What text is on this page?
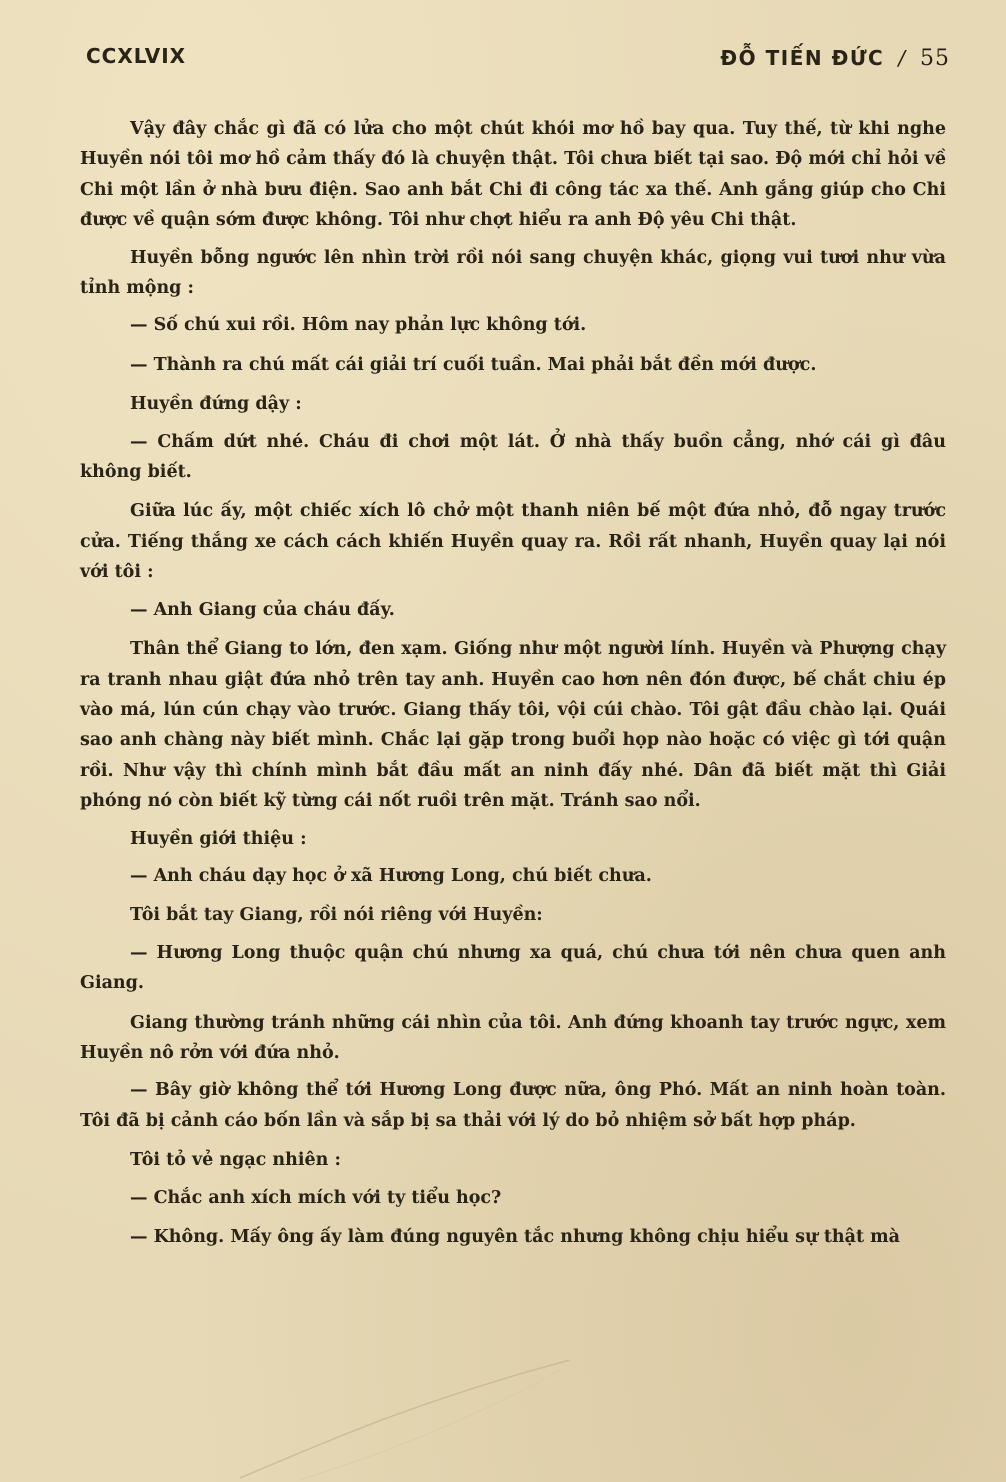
CCXLVIX	ĐỖ TIẾN ĐỨC / 55

Vậy đây chắc gì đã có lửa cho một chút khói mơ hồ bay qua. Tuy thế, từ khi nghe Huyền nói tôi mơ hồ cảm thấy đó là chuyện thật. Tôi chưa biết tại sao. Độ mới chỉ hỏi về Chi một lần ở nhà bưu điện. Sao anh bắt Chi đi công tác xa thế. Anh gắng giúp cho Chi được về quận sớm được không. Tôi như chợt hiểu ra anh Độ yêu Chi thật.

Huyền bỗng ngước lên nhìn trời rồi nói sang chuyện khác, giọng vui tươi như vừa tỉnh mộng :

— Số chú xui rồi. Hôm nay phản lực không tới.

— Thành ra chú mất cái giải trí cuối tuần. Mai phải bắt đền mới được.

Huyền đứng dậy :

— Chấm dứt nhé. Cháu đi chơi một lát. Ở nhà thấy buồn cẳng, nhớ cái gì đâu không biết.

Giữa lúc ấy, một chiếc xích lô chở một thanh niên bế một đứa nhỏ, đỗ ngay trước cửa. Tiếng thắng xe cách cách khiến Huyền quay ra. Rồi rất nhanh, Huyền quay lại nói với tôi :

— Anh Giang của cháu đấy.

Thân thể Giang to lớn, đen xạm. Giống như một người lính. Huyền và Phượng chạy ra tranh nhau giật đứa nhỏ trên tay anh. Huyền cao hơn nên đón được, bế chắt chiu ép vào má, lún cún chạy vào trước. Giang thấy tôi, vội cúi chào. Tôi gật đầu chào lại. Quái sao anh chàng này biết mình. Chắc lại gặp trong buổi họp nào hoặc có việc gì tới quận rồi. Như vậy thì chính mình bắt đầu mất an ninh đấy nhé. Dân đã biết mặt thì Giải phóng nó còn biết kỹ từng cái nốt ruồi trên mặt. Tránh sao nổi.

Huyền giới thiệu :

— Anh cháu dạy học ở xã Hương Long, chú biết chưa.

Tôi bắt tay Giang, rồi nói riêng với Huyền:

— Hương Long thuộc quận chú nhưng xa quá, chú chưa tới nên chưa quen anh Giang.

Giang thường tránh những cái nhìn của tôi. Anh đứng khoanh tay trước ngực, xem Huyền nô rởn với đứa nhỏ.

— Bây giờ không thể tới Hương Long được nữa, ông Phó. Mất an ninh hoàn toàn. Tôi đã bị cảnh cáo bốn lần và sắp bị sa thải với lý do bỏ nhiệm sở bất hợp pháp.

Tôi tỏ vẻ ngạc nhiên :

— Chắc anh xích mích với ty tiểu học?

— Không. Mấy ông ấy làm đúng nguyên tắc nhưng không chịu hiểu sự thật mà
